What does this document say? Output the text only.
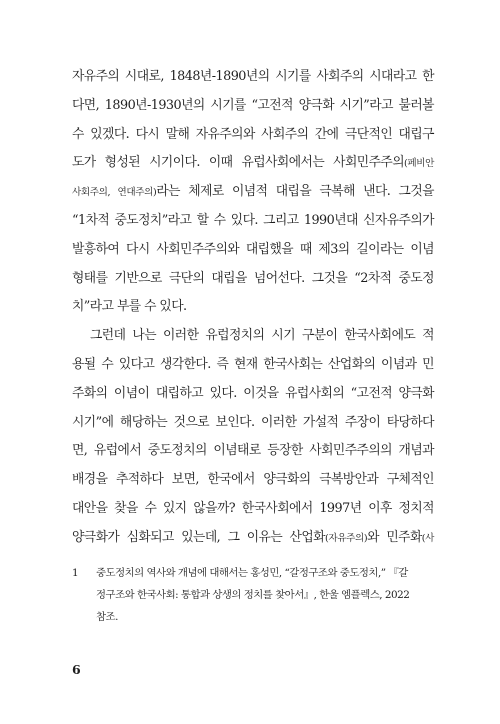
자유주의 시대로, 1848년-1890년의 시기를 사회주의 시대라고 한
다면, 1890년-1930년의 시기를 “고전적 양극화 시기”라고 불러볼
수 있겠다. 다시 말해 자유주의와 사회주의 간에 극단적인 대립구
도가 형성된 시기이다. 이때 유럽사회에서는 사회민주주의(페비안
사회주의, 연대주의)라는 체제로 이념적 대립을 극복해 낸다. 그것을
“1차적 중도정치”라고 할 수 있다. 그리고 1990년대 신자유주의가
발흥하여 다시 사회민주주의와 대립했을 때 제3의 길이라는 이념
형태를 기반으로 극단의 대립을 넘어선다. 그것을 “2차적 중도정
치”라고 부를 수 있다.
그런데 나는 이러한 유럽정치의 시기 구분이 한국사회에도 적
용될 수 있다고 생각한다. 즉 현재 한국사회는 산업화의 이념과 민
주화의 이념이 대립하고 있다. 이것을 유럽사회의 “고전적 양극화
시기”에 해당하는 것으로 보인다. 이러한 가설적 주장이 타당하다
면, 유럽에서 중도정치의 이념태로 등장한 사회민주주의의 개념과
배경을 추적하다 보면, 한국에서 양극화의 극복방안과 구체적인
대안을 찾을 수 있지 않을까? 한국사회에서 1997년 이후 정치적
양극화가 심화되고 있는데, 그 이유는 산업화(자유주의)와 민주화(사
1 중도정치의 역사와 개념에 대해서는 홍성민, “갈정구조와 중도정치,” 『갈
정구조와 한국사회: 통합과 상생의 정치를 찾아서』, 한울 엠플렉스, 2022
참조.
6
